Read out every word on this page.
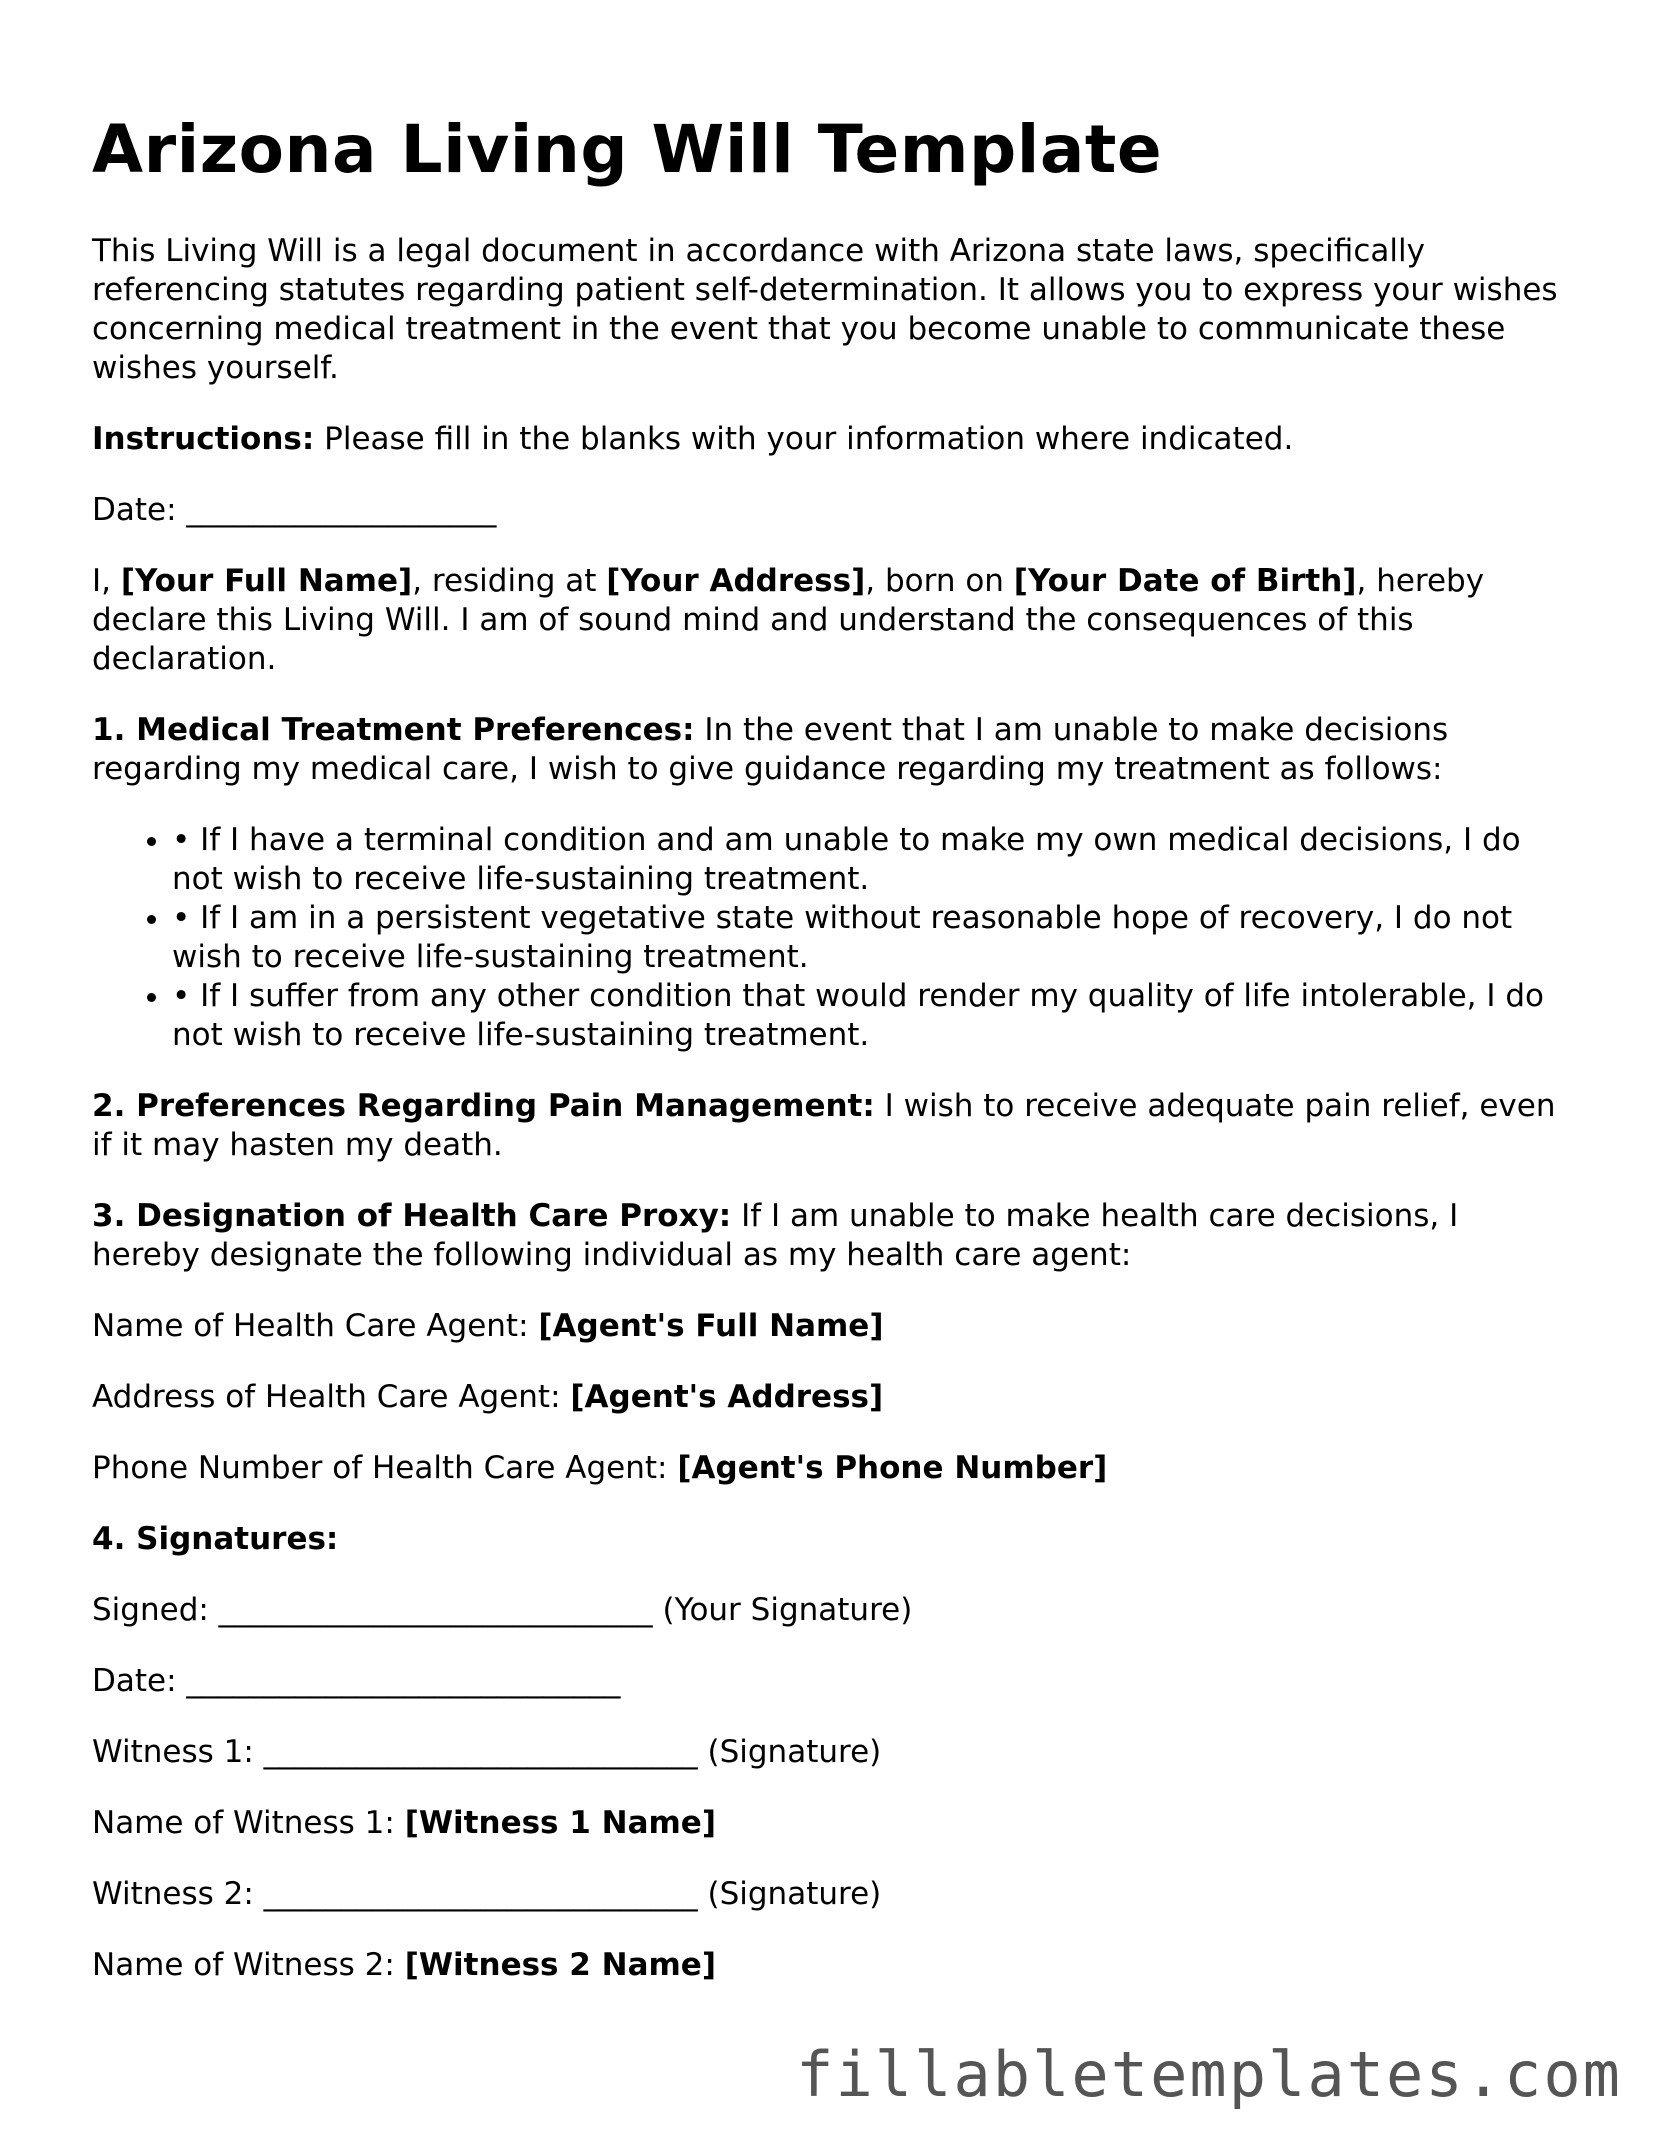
Arizona Living Will Template

This Living Will is a legal document in accordance with Arizona state laws, specifically referencing statutes regarding patient self-determination. It allows you to express your wishes concerning medical treatment in the event that you become unable to communicate these wishes yourself.

Instructions: Please fill in the blanks with your information where indicated.

Date: ____________________

I, [Your Full Name], residing at [Your Address], born on [Your Date of Birth], hereby declare this Living Will. I am of sound mind and understand the consequences of this declaration.

1. Medical Treatment Preferences: In the event that I am unable to make decisions regarding my medical care, I wish to give guidance regarding my treatment as follows:

• • If I have a terminal condition and am unable to make my own medical decisions, I do not wish to receive life-sustaining treatment.
• • If I am in a persistent vegetative state without reasonable hope of recovery, I do not wish to receive life-sustaining treatment.
• • If I suffer from any other condition that would render my quality of life intolerable, I do not wish to receive life-sustaining treatment.

2. Preferences Regarding Pain Management: I wish to receive adequate pain relief, even if it may hasten my death.

3. Designation of Health Care Proxy: If I am unable to make health care decisions, I hereby designate the following individual as my health care agent:

Name of Health Care Agent: [Agent's Full Name]

Address of Health Care Agent: [Agent's Address]

Phone Number of Health Care Agent: [Agent's Phone Number]

4. Signatures:

Signed: ____________________________ (Your Signature)

Date: ____________________________

Witness 1: ____________________________ (Signature)

Name of Witness 1: [Witness 1 Name]

Witness 2: ____________________________ (Signature)

Name of Witness 2: [Witness 2 Name]

fillabletemplates.com
